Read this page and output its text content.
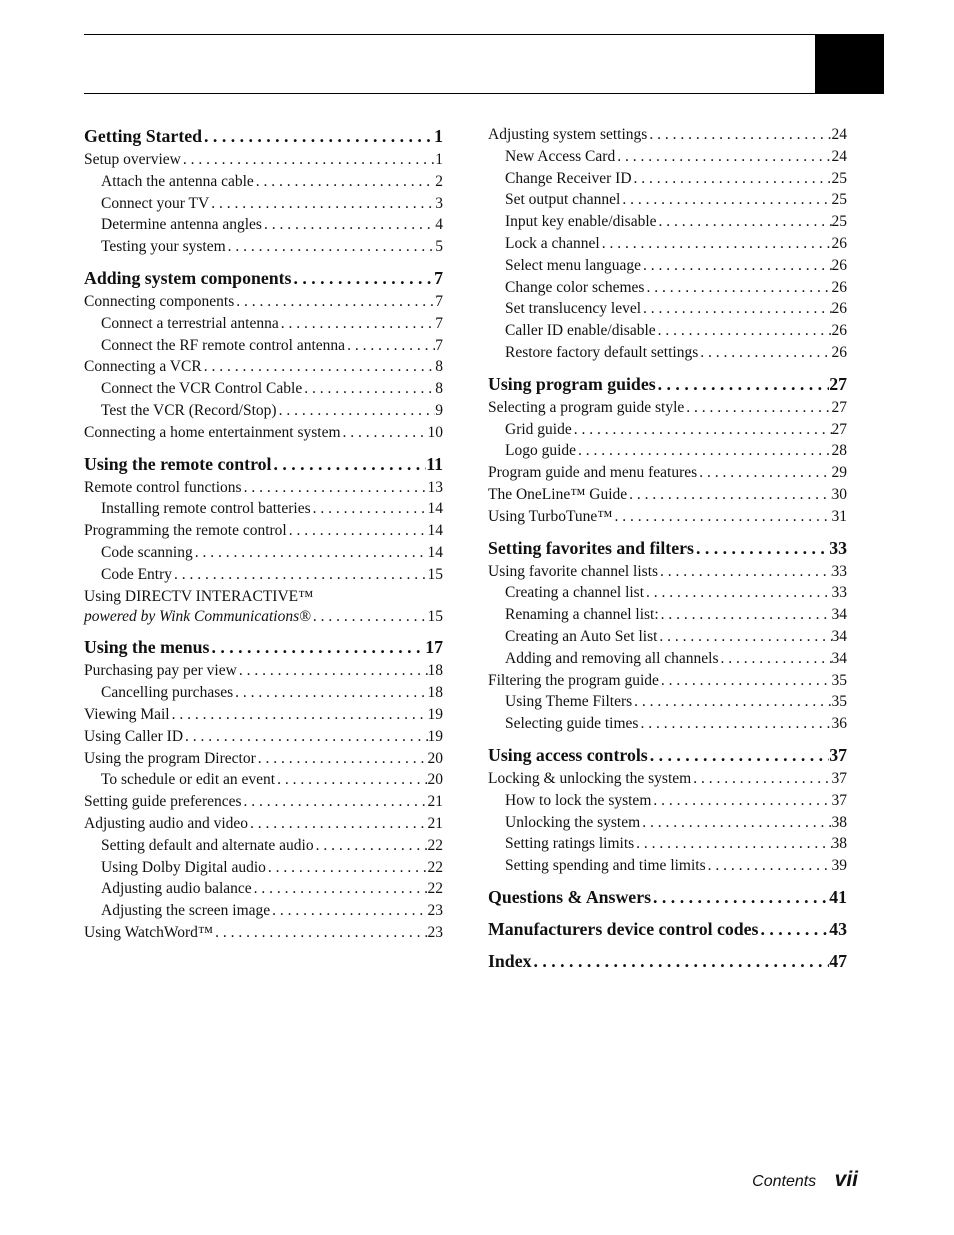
Getting Started . . .	1
Setup overview . . .	1
Attach the antenna cable . . .	2
Connect your TV . . .	3
Determine antenna angles . . .	4
Testing your system . . .	5
Adding system components . . .	7
Connecting components . . .	7
Connect a terrestrial antenna . . .	7
Connect the RF remote control antenna . . .	7
Connecting a VCR . . .	8
Connect the VCR Control Cable . . .	8
Test the VCR (Record/Stop) . . .	9
Connecting a home entertainment system . . .	10
Using the remote control . . .	11
Remote control functions . . .	13
Installing remote control batteries . . .	14
Programming the remote control . . .	14
Code scanning . . .	14
Code Entry . . .	15
Using DIRECTV INTERACTIVE™
powered by Wink Communications® . . .	15
Using the menus . . .	17
Purchasing pay per view . . .	18
Cancelling purchases . . .	18
Viewing Mail . . .	19
Using Caller ID . . .	19
Using the program Director . . .	20
To schedule or edit an event . . .	20
Setting guide preferences . . .	21
Adjusting audio and video . . .	21
Setting default and alternate audio . . .	22
Using Dolby Digital audio . . .	22
Adjusting audio balance . . .	22
Adjusting the screen image . . .	23
Using WatchWord™ . . .	23
Adjusting system settings . . .	24
New Access Card . . .	24
Change Receiver ID . . .	25
Set output channel . . .	25
Input key enable/disable . . .	25
Lock a channel . . .	26
Select menu language . . .	26
Change color schemes . . .	26
Set translucency level . . .	26
Caller ID enable/disable . . .	26
Restore factory default settings . . .	26
Using program guides . . .	27
Selecting a program guide style . . .	27
Grid guide . . .	27
Logo guide . . .	28
Program guide and menu features . . .	29
The OneLine™ Guide . . .	30
Using TurboTune™ . . .	31
Setting favorites and filters . . .	33
Using favorite channel lists . . .	33
Creating a channel list . . .	33
Renaming a channel list: . . .	34
Creating an Auto Set list . . .	34
Adding and removing all channels . . .	34
Filtering the program guide . . .	35
Using Theme Filters . . .	35
Selecting guide times . . .	36
Using access controls . . .	37
Locking & unlocking the system . . .	37
How to lock the system . . .	37
Unlocking the system . . .	38
Setting ratings limits . . .	38
Setting spending and time limits . . .	39
Questions & Answers . . .	41
Manufacturers device control codes . . .	43
Index . . .	47
Contents vii
